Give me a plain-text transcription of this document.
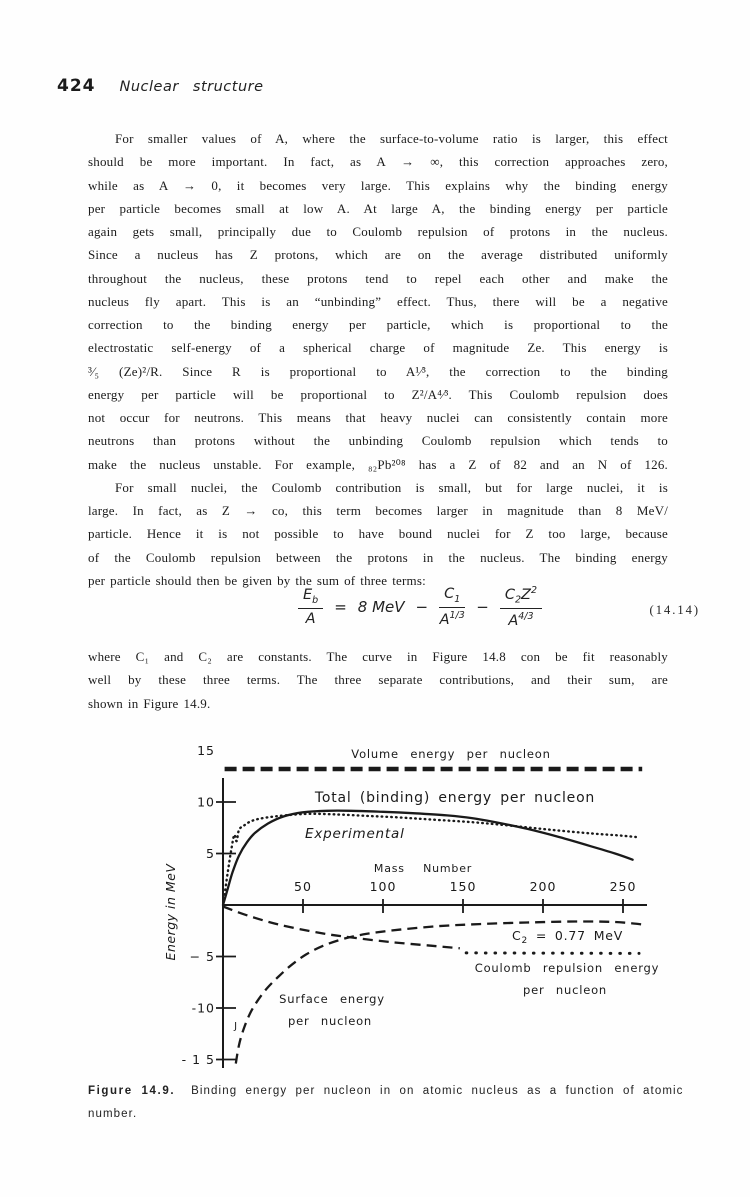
424 Nuclear structure
For smaller values of A, where the surface-to-volume ratio is larger, this effect
should be more important. In fact, as A → ∞, this correction approaches zero,
while as A → 0, it becomes very large. This explains why the binding energy
per particle becomes small at low A. At large A, the binding energy per particle
again gets small, principally due to Coulomb repulsion of protons in the nucleus.
Since a nucleus has Z protons, which are on the average distributed uniformly
throughout the nucleus, these protons tend to repel each other and make the
nucleus fly apart. This is an “unbinding” effect. Thus, there will be a negative
correction to the binding energy per particle, which is proportional to the
electrostatic self-energy of a spherical charge of magnitude Ze. This energy is
³⁄₅ (Ze)²/R. Since R is proportional to A¹⁄³, the correction to the binding
energy per particle will be proportional to Z²/A⁴⁄³. This Coulomb repulsion does
not occur for neutrons. This means that heavy nuclei can consistently contain more
neutrons than protons without the unbinding Coulomb repulsion which tends to
make the nucleus unstable. For example, ₈₂Pb²⁰⁸ has a Z of 82 and an N of 126.
For small nuclei, the Coulomb contribution is small, but for large nuclei, it is
large. In fact, as Z → co, this term becomes larger in magnitude than 8 MeV/
particle. Hence it is not possible to have bound nuclei for Z too large, because
of the Coulomb repulsion between the protons in the nucleus. The binding energy
per particle should then be given by the sum of three terms:
$\frac{E_b}{A} = 8$ MeV − $\frac{C_1}{A^{1/3}} - \frac{C_2Z^2}{A^{4/3}}$	(14.14)
where C₁ and C₂ are constants. The curve in Figure 14.8 con be fit reasonably
well by these three terms. The three separate contributions, and their sum, are
shown in Figure 14.9.
15
10
5
− 5
-10
- 1 5
50	100	150	200	250
Energy in MeV
Volume energy per nucleon
Total (binding) energy per nucleon
Experimental
Mass Number
$C_2 = 0.77$ MeV
Coulomb repulsion energy
per nucleon
Surface energy
per nucleon
J
Figure 14.9. Binding energy per nucleon in on atomic nucleus as a function of atomic
number.
